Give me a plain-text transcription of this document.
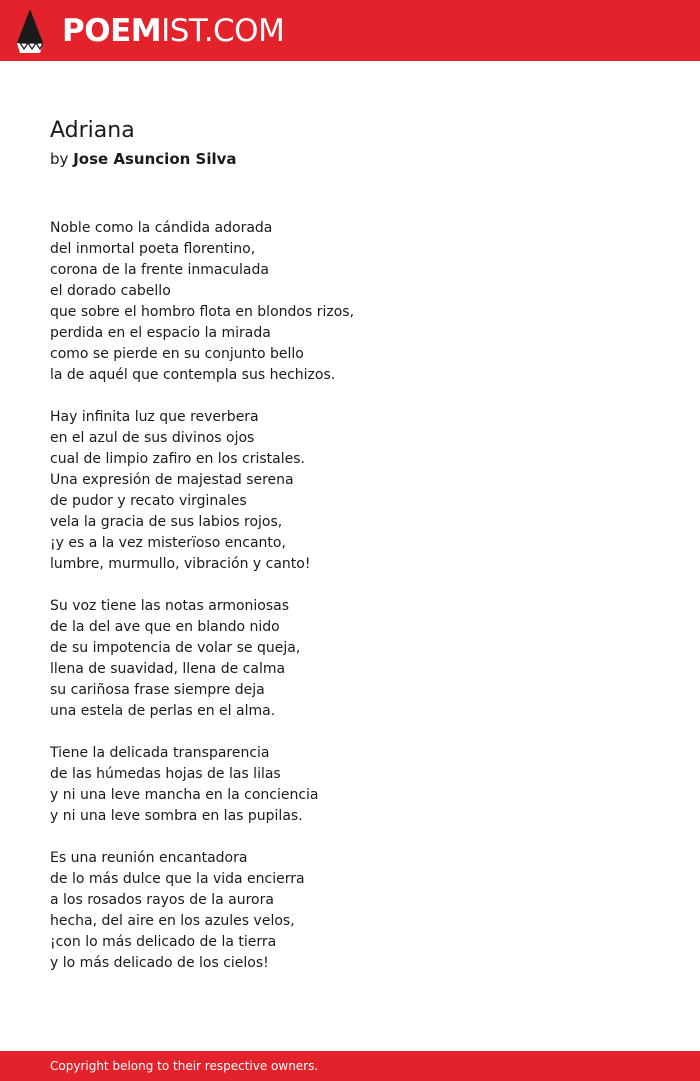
POEMIST.COM
Adriana
by Jose Asuncion Silva
Noble como la cándida adorada
del inmortal poeta florentino,
corona de la frente inmaculada
el dorado cabello
que sobre el hombro flota en blondos rizos,
perdida en el espacio la mirada
como se pierde en su conjunto bello
la de aquél que contempla sus hechizos.
Hay infinita luz que reverbera
en el azul de sus divinos ojos
cual de limpio zafiro en los cristales.
Una expresión de majestad serena
de pudor y recato virginales
vela la gracia de sus labios rojos,
¡y es a la vez misterïoso encanto,
lumbre, murmullo, vibración y canto!
Su voz tiene las notas armoniosas
de la del ave que en blando nido
de su impotencia de volar se queja,
llena de suavidad, llena de calma
su cariñosa frase siempre deja
una estela de perlas en el alma.
Tiene la delicada transparencia
de las húmedas hojas de las lilas
y ni una leve mancha en la conciencia
y ni una leve sombra en las pupilas.
Es una reunión encantadora
de lo más dulce que la vida encierra
a los rosados rayos de la aurora
hecha, del aire en los azules velos,
¡con lo más delicado de la tierra
y lo más delicado de los cielos!
Copyright belong to their respective owners.
